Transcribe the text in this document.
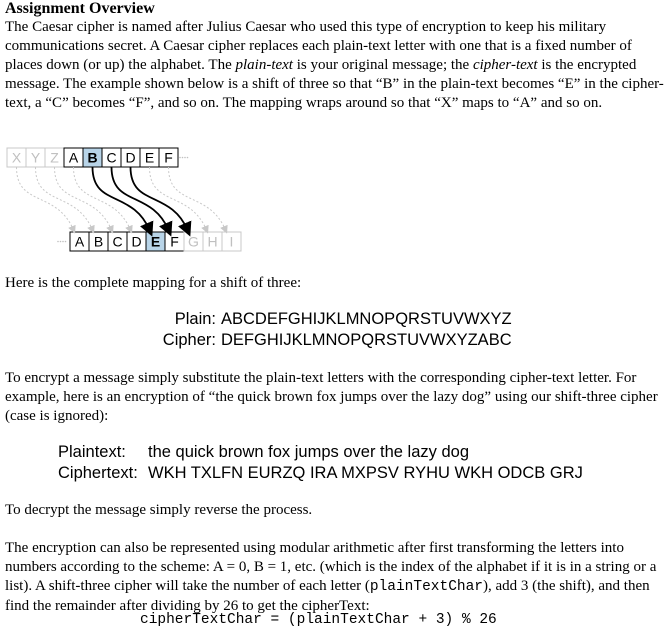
Assignment Overview

The Caesar cipher is named after Julius Caesar who used this type of encryption to keep his military communications secret. A Caesar cipher replaces each plain-text letter with one that is a fixed number of places down (or up) the alphabet. The plain-text is your original message; the cipher-text is the encrypted message. The example shown below is a shift of three so that “B” in the plain-text becomes “E” in the cipher-text, a “C” becomes “F”, and so on. The mapping wraps around so that “X” maps to “A” and so on.

X Y Z A B C D E F
A B C D E F G H I

Here is the complete mapping for a shift of three:

Plain: ABCDEFGHIJKLMNOPQRSTUVWXYZ
Cipher: DEFGHIJKLMNOPQRSTUVWXYZABC

To encrypt a message simply substitute the plain-text letters with the corresponding cipher-text letter. For example, here is an encryption of “the quick brown fox jumps over the lazy dog” using our shift-three cipher (case is ignored):

Plaintext: the quick brown fox jumps over the lazy dog
Ciphertext: WKH TXLFN EURZQ IRA MXPSV RYHU WKH ODCB GRJ

To decrypt the message simply reverse the process.

The encryption can also be represented using modular arithmetic after first transforming the letters into numbers according to the scheme: A = 0, B = 1, etc. (which is the index of the alphabet if it is in a string or a list). A shift-three cipher will take the number of each letter (plainTextChar), add 3 (the shift), and then find the remainder after dividing by 26 to get the cipherText:

cipherTextChar = (plainTextChar + 3) % 26
